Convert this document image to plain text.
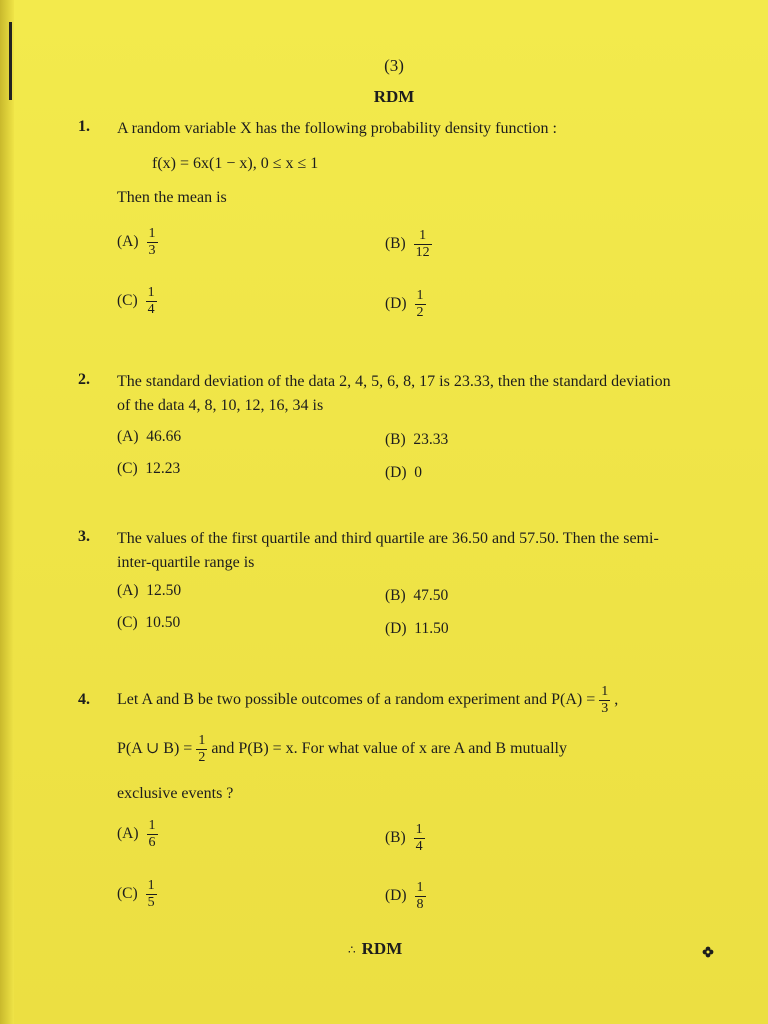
(3)
RDM
1. A random variable X has the following probability density function :
f(x) = 6x(1 − x), 0 ≤ x ≤ 1
Then the mean is
$(A) \frac{1}{3}$	$(B) \frac{1}{12}$
$(C) \frac{1}{4}$	$(D) \frac{1}{2}$
2. The standard deviation of the data 2, 4, 5, 6, 8, 17 is 23.33, then the standard deviation of the data 4, 8, 10, 12, 16, 34 is
(A) 46.66	(B) 23.33
(C) 12.23	(D) 0
3. The values of the first quartile and third quartile are 36.50 and 57.50. Then the semi-inter-quartile range is
(A) 12.50	(B) 47.50
(C) 10.50	(D) 11.50
4. Let A and B be two possible outcomes of a random experiment and $P(A) = \frac{1}{3}$ ,
P(A ∪ $B) = \frac{1}{2}$ and P(B) = x. For what value of x are A and B mutually
exclusive events ?
$(A) \frac{1}{6}$	$(B) \frac{1}{4}$
$(C) \frac{1}{5}$	$(D) \frac{1}{8}$
∴ RDM
